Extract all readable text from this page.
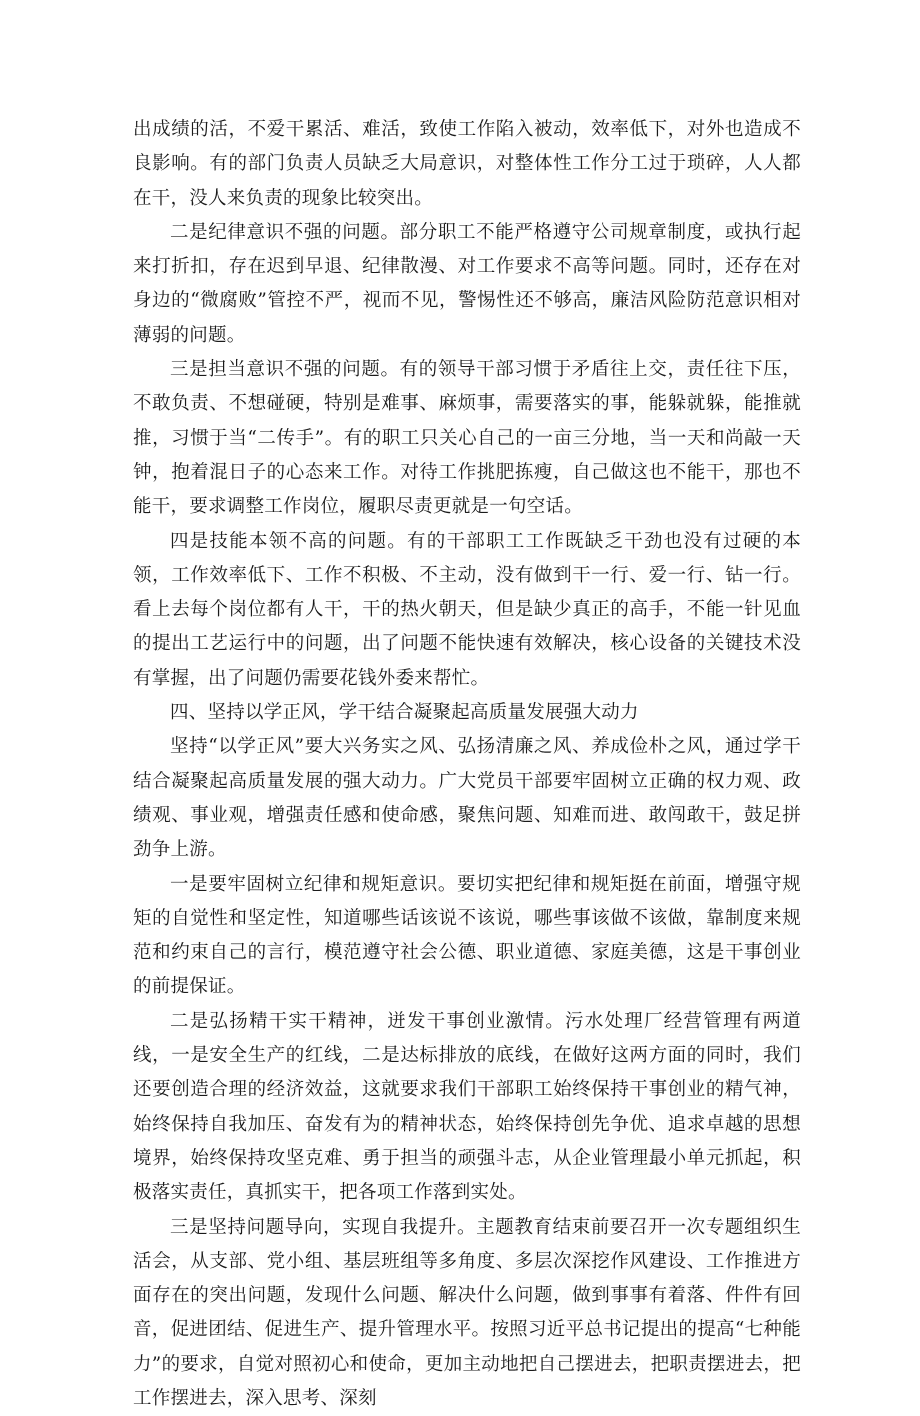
出成绩的活，不爱干累活、难活，致使工作陷入被动，效率低下，对外也造成不良影响。有的部门负责人员缺乏大局意识，对整体性工作分工过于琐碎，人人都在干，没人来负责的现象比较突出。

二是纪律意识不强的问题。部分职工不能严格遵守公司规章制度，或执行起来打折扣，存在迟到早退、纪律散漫、对工作要求不高等问题。同时，还存在对身边的“微腐败”管控不严，视而不见，警惕性还不够高，廉洁风险防范意识相对薄弱的问题。

三是担当意识不强的问题。有的领导干部习惯于矛盾往上交，责任往下压，不敢负责、不想碰硬，特别是难事、麻烦事，需要落实的事，能躲就躲，能推就推，习惯于当“二传手”。有的职工只关心自己的一亩三分地，当一天和尚敲一天钟，抱着混日子的心态来工作。对待工作挑肥拣瘦，自己做这也不能干，那也不能干，要求调整工作岗位，履职尽责更就是一句空话。

四是技能本领不高的问题。有的干部职工工作既缺乏干劲也没有过硬的本领，工作效率低下、工作不积极、不主动，没有做到干一行、爱一行、钻一行。看上去每个岗位都有人干，干的热火朝天，但是缺少真正的高手，不能一针见血的提出工艺运行中的问题，出了问题不能快速有效解决，核心设备的关键技术没有掌握，出了问题仍需要花钱外委来帮忙。

四、坚持以学正风，学干结合凝聚起高质量发展强大动力

坚持“以学正风”要大兴务实之风、弘扬清廉之风、养成俭朴之风，通过学干结合凝聚起高质量发展的强大动力。广大党员干部要牢固树立正确的权力观、政绩观、事业观，增强责任感和使命感，聚焦问题、知难而进、敢闯敢干，鼓足拼劲争上游。

一是要牢固树立纪律和规矩意识。要切实把纪律和规矩挺在前面，增强守规矩的自觉性和坚定性，知道哪些话该说不该说，哪些事该做不该做，靠制度来规范和约束自己的言行，模范遵守社会公德、职业道德、家庭美德，这是干事创业的前提保证。

二是弘扬精干实干精神，迸发干事创业激情。污水处理厂经营管理有两道线，一是安全生产的红线，二是达标排放的底线，在做好这两方面的同时，我们还要创造合理的经济效益，这就要求我们干部职工始终保持干事创业的精气神，始终保持自我加压、奋发有为的精神状态，始终保持创先争优、追求卓越的思想境界，始终保持攻坚克难、勇于担当的顽强斗志，从企业管理最小单元抓起，积极落实责任，真抓实干，把各项工作落到实处。

三是坚持问题导向，实现自我提升。主题教育结束前要召开一次专题组织生活会，从支部、党小组、基层班组等多角度、多层次深挖作风建设、工作推进方面存在的突出问题，发现什么问题、解决什么问题，做到事事有着落、件件有回音，促进团结、促进生产、提升管理水平。按照习近平总书记提出的提高“七种能力”的要求，自觉对照初心和使命，更加主动地把自己摆进去，把职责摆进去，把工作摆进去，深入思考、深刻
